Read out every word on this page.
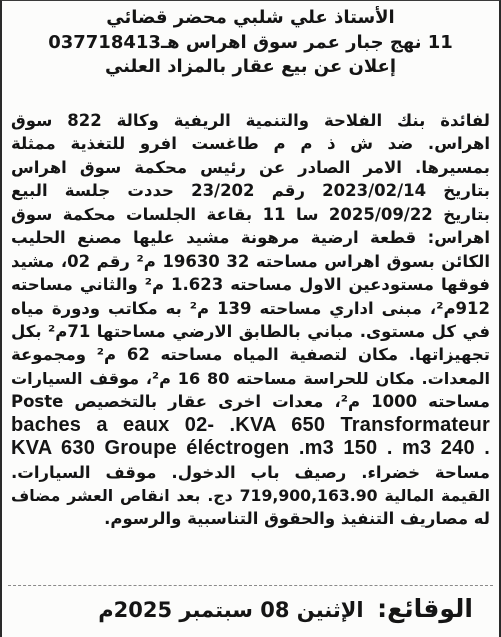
الأستاذ علي شلبي محضر قضائي
11 نهج جبار عمر سوق اهراس هـ037718413
إعلان عن بيع عقار بالمزاد العلني
لفائدة بنك الفلاحة والتنمية الريفية وكالة 822 سوق
اهراس. ضد ش ذ م م طاغست افرو للتغذية ممثلة
بمسيرها. الامر الصادر عن رئيس محكمة سوق اهراس
بتاريخ 2023/02/14 رقم 23/202 حددت جلسة البيع
بتاريخ 2025/09/22 سا 11 بقاعة الجلسات محكمة سوق
اهراس: قطعة ارضية مرهونة مشيد عليها مصنع الحليب
الكائن بسوق اهراس مساحته 32 19630 م² رقم 02، مشيد
فوقها مستودعين الاول مساحته 1.623 م² والثاني مساحته
912م²، مبنى اداري مساحته 139 م² به مكاتب ودورة مياه
في كل مستوى. مباني بالطابق الارضي مساحتها 71م² بكل
تجهيزاتها. مكان لتصفية المياه مساحته 62 م² ومجموعة
المعدات. مكان للحراسة مساحته 80 16 م²، موقف السيارات
مساحته 1000 م²، معدات اخرى عقار بالتخصيص Poste
baches a eaux 02- .KVA 650 Transformateur
KVA 630 Groupe éléctrogen .m3 150 . m3 240 .
مساحة خضراء. رصيف باب الدخول. موقف السيارات.
القيمة المالية 719,900,163.90 دج. بعد انقاص العشر مضاف
له مصاريف التنفيذ والحقوق التناسبية والرسوم.
الوقائع: الإثنين 08 سبتمبر 2025م
